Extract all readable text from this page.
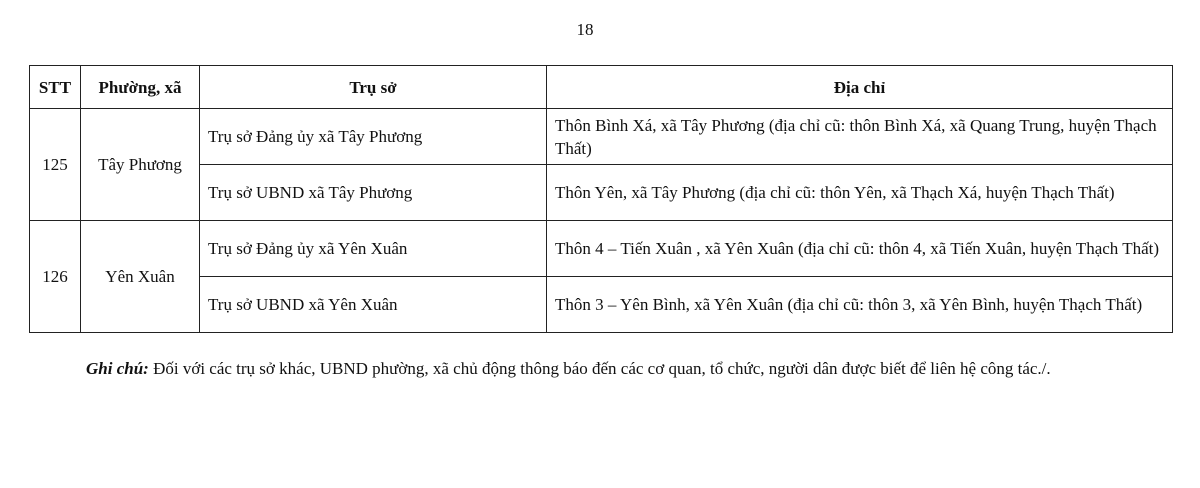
18
STT	Phường, xã	Trụ sở	Địa chỉ
125	Tây Phương	Trụ sở Đảng ủy xã Tây Phương	Thôn Bình Xá, xã Tây Phương (địa chỉ cũ: thôn Bình Xá, xã Quang Trung, huyện Thạch Thất)
		Trụ sở UBND xã Tây Phương	Thôn Yên, xã Tây Phương (địa chỉ cũ: thôn Yên, xã Thạch Xá, huyện Thạch Thất)
126	Yên Xuân	Trụ sở Đảng ủy xã Yên Xuân	Thôn 4 – Tiến Xuân , xã Yên Xuân (địa chỉ cũ: thôn 4, xã Tiến Xuân, huyện Thạch Thất)
		Trụ sở UBND xã Yên Xuân	Thôn 3 – Yên Bình, xã Yên Xuân (địa chỉ cũ: thôn 3, xã Yên Bình, huyện Thạch Thất)

Ghi chú: Đối với các trụ sở khác, UBND phường, xã chủ động thông báo đến các cơ quan, tổ chức, người dân được biết để liên hệ công tác./.
